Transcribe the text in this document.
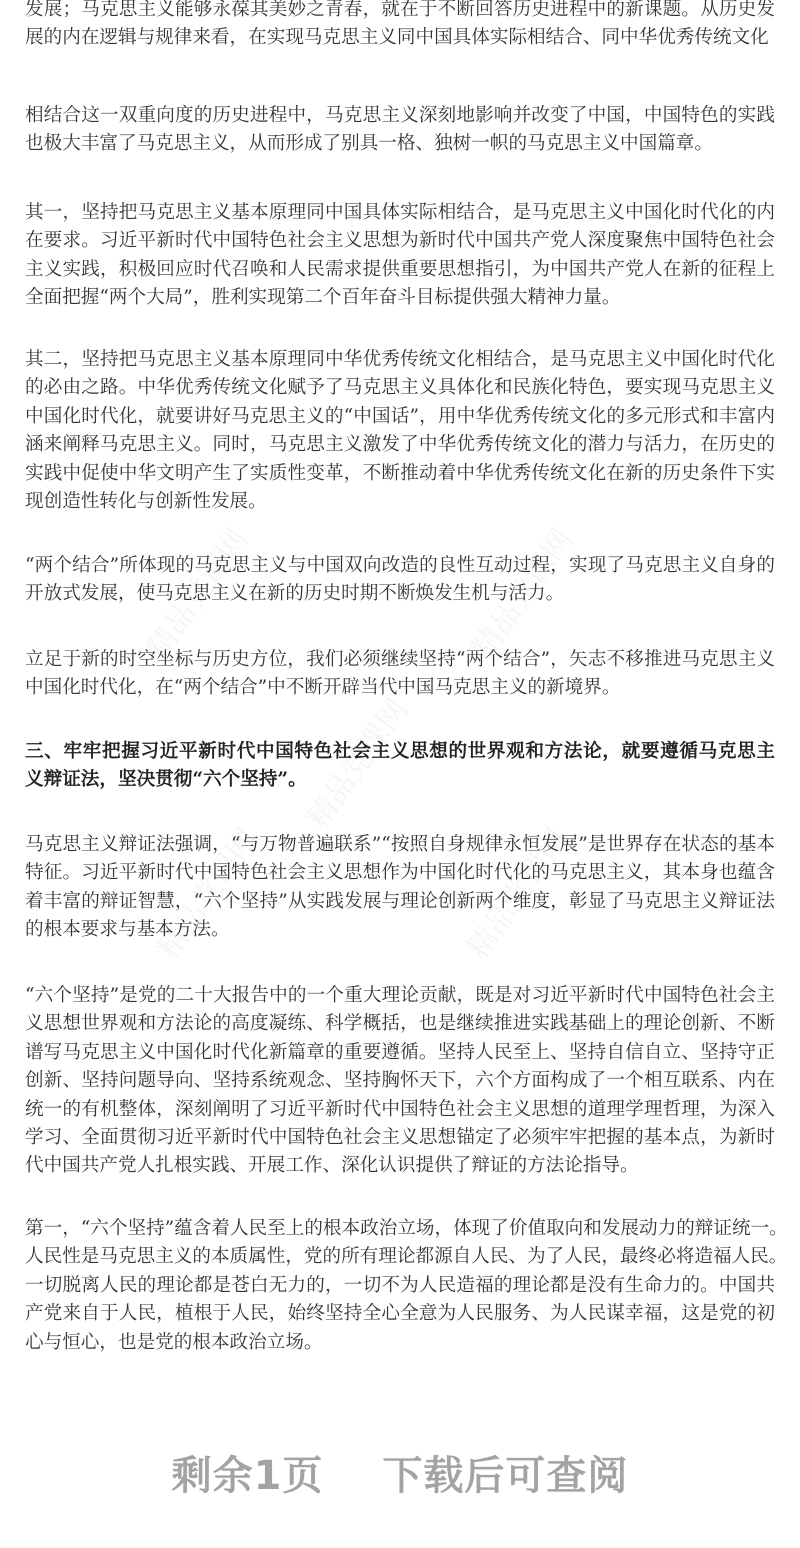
发展；马克思主义能够永葆其美妙之青春，就在于不断回答历史进程中的新课题。从历史发
展的内在逻辑与规律来看，在实现马克思主义同中国具体实际相结合、同中华优秀传统文化
相结合这一双重向度的历史进程中，马克思主义深刻地影响并改变了中国，中国特色的实践
也极大丰富了马克思主义，从而形成了别具一格、独树一帜的马克思主义中国篇章。
其一，坚持把马克思主义基本原理同中国具体实际相结合，是马克思主义中国化时代化的内
在要求。习近平新时代中国特色社会主义思想为新时代中国共产党人深度聚焦中国特色社会
主义实践，积极回应时代召唤和人民需求提供重要思想指引，为中国共产党人在新的征程上
全面把握“两个大局”，胜利实现第二个百年奋斗目标提供强大精神力量。
其二，坚持把马克思主义基本原理同中华优秀传统文化相结合，是马克思主义中国化时代化
的必由之路。中华优秀传统文化赋予了马克思主义具体化和民族化特色，要实现马克思主义
中国化时代化，就要讲好马克思主义的“中国话”，用中华优秀传统文化的多元形式和丰富内
涵来阐释马克思主义。同时，马克思主义激发了中华优秀传统文化的潜力与活力，在历史的
实践中促使中华文明产生了实质性变革，不断推动着中华优秀传统文化在新的历史条件下实
现创造性转化与创新性发展。
“两个结合”所体现的马克思主义与中国双向改造的良性互动过程，实现了马克思主义自身的
开放式发展，使马克思主义在新的历史时期不断焕发生机与活力。
立足于新的时空坐标与历史方位，我们必须继续坚持“两个结合”，矢志不移推进马克思主义
中国化时代化，在“两个结合”中不断开辟当代中国马克思主义的新境界。
三、牢牢把握习近平新时代中国特色社会主义思想的世界观和方法论，就要遵循马克思主
义辩证法，坚决贯彻“六个坚持”。
马克思主义辩证法强调，“与万物普遍联系”“按照自身规律永恒发展”是世界存在状态的基本
特征。习近平新时代中国特色社会主义思想作为中国化时代化的马克思主义，其本身也蕴含
着丰富的辩证智慧，“六个坚持”从实践发展与理论创新两个维度，彰显了马克思主义辩证法
的根本要求与基本方法。
“六个坚持”是党的二十大报告中的一个重大理论贡献，既是对习近平新时代中国特色社会主
义思想世界观和方法论的高度凝练、科学概括，也是继续推进实践基础上的理论创新、不断
谱写马克思主义中国化时代化新篇章的重要遵循。坚持人民至上、坚持自信自立、坚持守正
创新、坚持问题导向、坚持系统观念、坚持胸怀天下，六个方面构成了一个相互联系、内在
统一的有机整体，深刻阐明了习近平新时代中国特色社会主义思想的道理学理哲理，为深入
学习、全面贯彻习近平新时代中国特色社会主义思想锚定了必须牢牢把握的基本点，为新时
代中国共产党人扎根实践、开展工作、深化认识提供了辩证的方法论指导。
第一，“六个坚持”蕴含着人民至上的根本政治立场，体现了价值取向和发展动力的辩证统一。
人民性是马克思主义的本质属性，党的所有理论都源自人民、为了人民，最终必将造福人民。
一切脱离人民的理论都是苍白无力的，一切不为人民造福的理论都是没有生命力的。中国共
产党来自于人民，植根于人民，始终坚持全心全意为人民服务、为人民谋幸福，这是党的初
心与恒心，也是党的根本政治立场。
剩余1页 下载后可查阅
